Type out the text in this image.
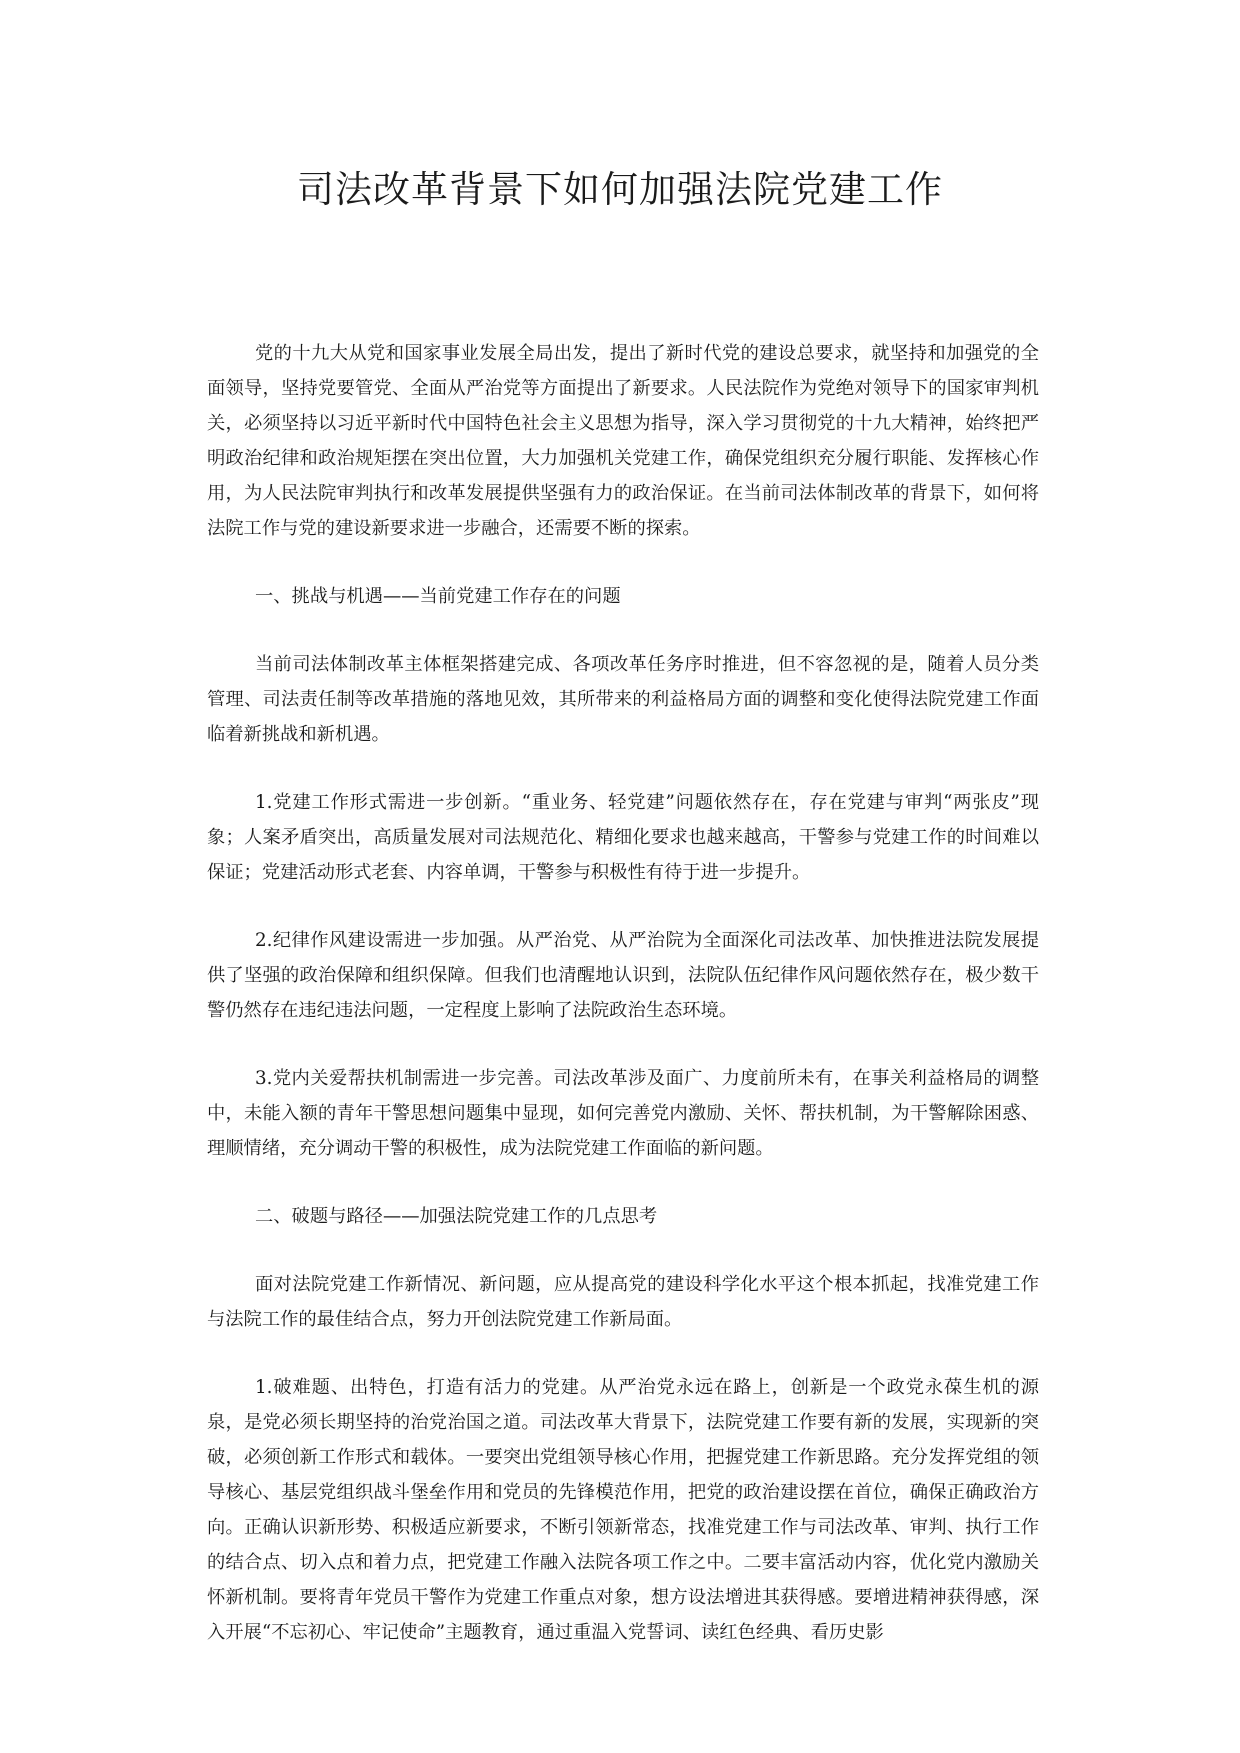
司法改革背景下如何加强法院党建工作

党的十九大从党和国家事业发展全局出发，提出了新时代党的建设总要求，就坚持和加强党的全面领导，坚持党要管党、全面从严治党等方面提出了新要求。人民法院作为党绝对领导下的国家审判机关，必须坚持以习近平新时代中国特色社会主义思想为指导，深入学习贯彻党的十九大精神，始终把严明政治纪律和政治规矩摆在突出位置，大力加强机关党建工作，确保党组织充分履行职能、发挥核心作用，为人民法院审判执行和改革发展提供坚强有力的政治保证。在当前司法体制改革的背景下，如何将法院工作与党的建设新要求进一步融合，还需要不断的探索。

一、挑战与机遇——当前党建工作存在的问题

当前司法体制改革主体框架搭建完成、各项改革任务序时推进，但不容忽视的是，随着人员分类管理、司法责任制等改革措施的落地见效，其所带来的利益格局方面的调整和变化使得法院党建工作面临着新挑战和新机遇。

1.党建工作形式需进一步创新。“重业务、轻党建”问题依然存在，存在党建与审判“两张皮”现象；人案矛盾突出，高质量发展对司法规范化、精细化要求也越来越高，干警参与党建工作的时间难以保证；党建活动形式老套、内容单调，干警参与积极性有待于进一步提升。

2.纪律作风建设需进一步加强。从严治党、从严治院为全面深化司法改革、加快推进法院发展提供了坚强的政治保障和组织保障。但我们也清醒地认识到，法院队伍纪律作风问题依然存在，极少数干警仍然存在违纪违法问题，一定程度上影响了法院政治生态环境。

3.党内关爱帮扶机制需进一步完善。司法改革涉及面广、力度前所未有，在事关利益格局的调整中，未能入额的青年干警思想问题集中显现，如何完善党内激励、关怀、帮扶机制，为干警解除困惑、理顺情绪，充分调动干警的积极性，成为法院党建工作面临的新问题。

二、破题与路径——加强法院党建工作的几点思考

面对法院党建工作新情况、新问题，应从提高党的建设科学化水平这个根本抓起，找准党建工作与法院工作的最佳结合点，努力开创法院党建工作新局面。

1.破难题、出特色，打造有活力的党建。从严治党永远在路上，创新是一个政党永葆生机的源泉，是党必须长期坚持的治党治国之道。司法改革大背景下，法院党建工作要有新的发展，实现新的突破，必须创新工作形式和载体。一要突出党组领导核心作用，把握党建工作新思路。充分发挥党组的领导核心、基层党组织战斗堡垒作用和党员的先锋模范作用，把党的政治建设摆在首位，确保正确政治方向。正确认识新形势、积极适应新要求，不断引领新常态，找准党建工作与司法改革、审判、执行工作的结合点、切入点和着力点，把党建工作融入法院各项工作之中。二要丰富活动内容，优化党内激励关怀新机制。要将青年党员干警作为党建工作重点对象，想方设法增进其获得感。要增进精神获得感，深入开展“不忘初心、牢记使命”主题教育，通过重温入党誓词、读红色经典、看历史影
